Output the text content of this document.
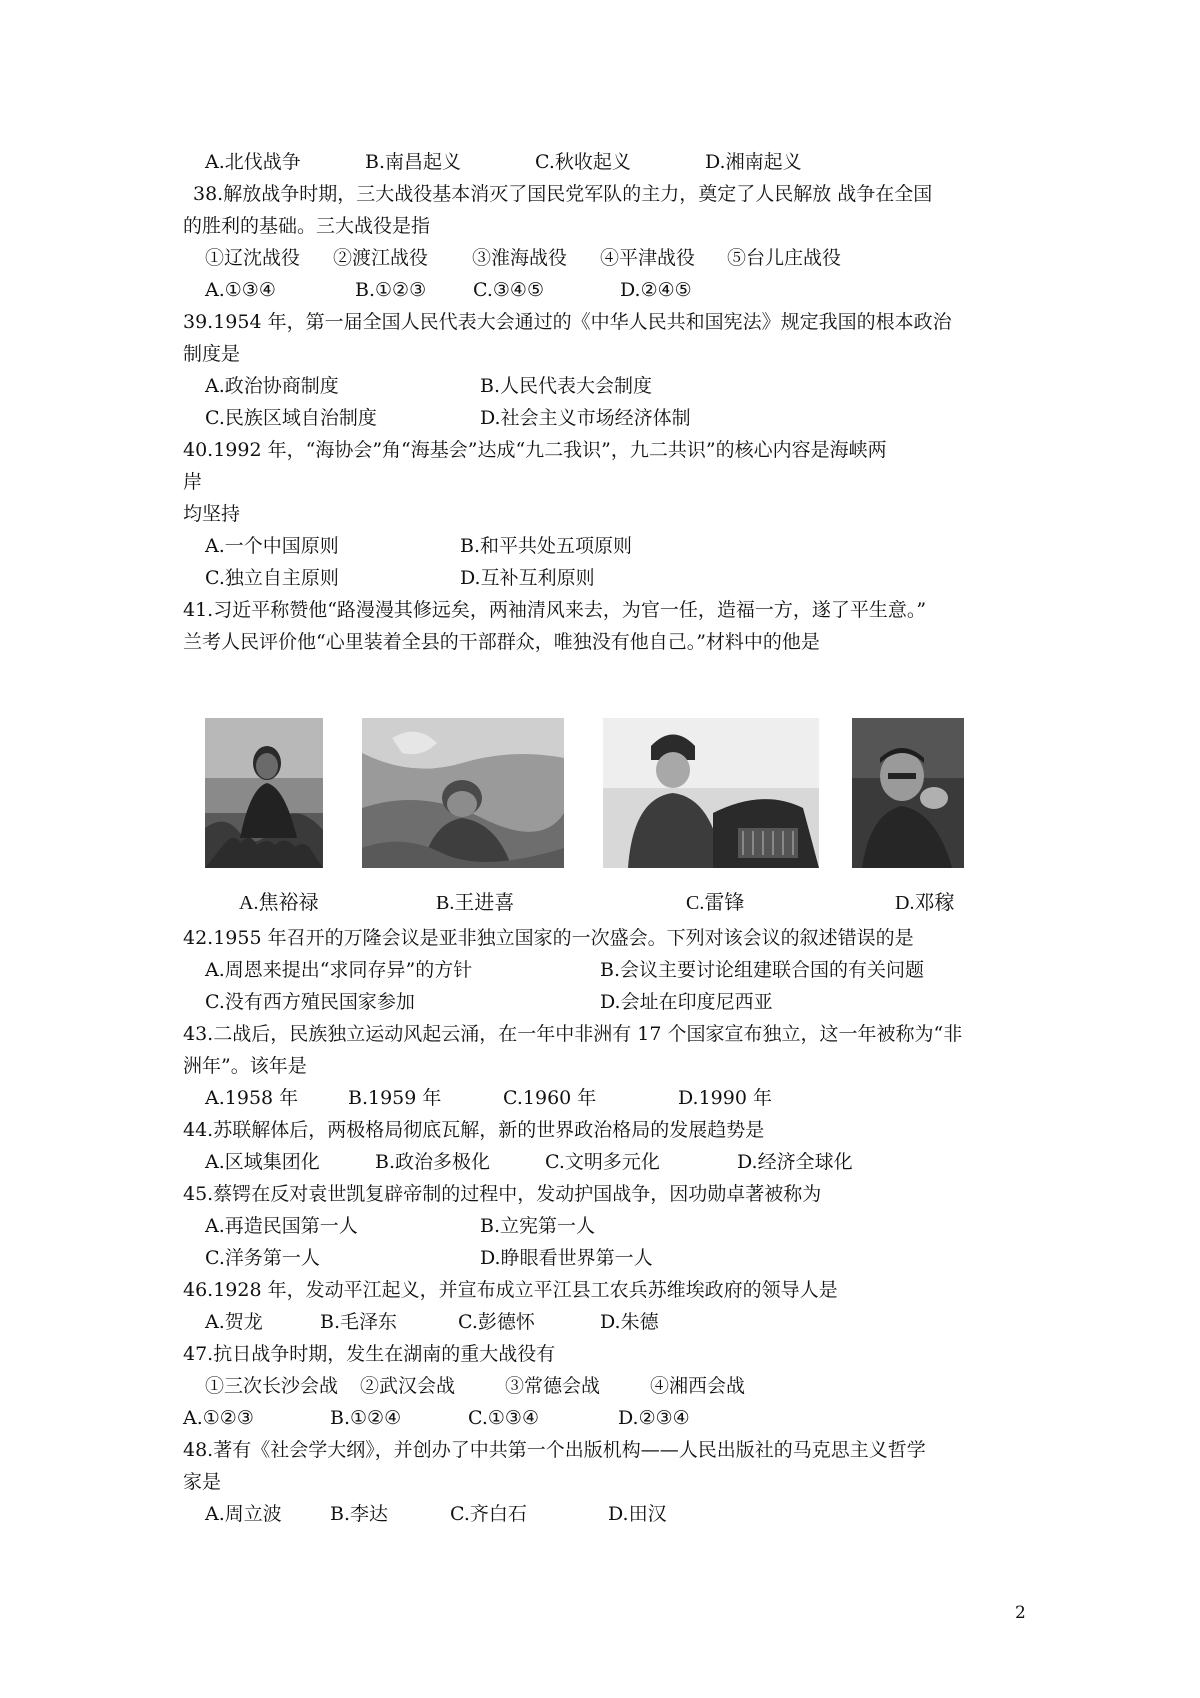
A.北伐战争	B.南昌起义	C.秋收起义	D.湘南起义
38.解放战争时期，三大战役基本消灭了国民党军队的主力，奠定了人民解放 战争在全国
的胜利的基础。三大战役是指
①辽沈战役 ②渡江战役 ③淮海战役 ④平津战役 ⑤台儿庄战役
A.①③④	B.①②③ C.③④⑤	D.②④⑤
39.1954 年，第一届全国人民代表大会通过的《中华人民共和国宪法》规定我国的根本政治
制度是
A.政治协商制度	B.人民代表大会制度
C.民族区域自治制度	D.社会主义市场经济体制
40.1992 年，“海协会”角“海基会”达成“九二我识”，九二共识”的核心内容是海峡两
岸
均坚持
A.一个中国原则	B.和平共处五项原则
C.独立自主原则	D.互补互利原则
41.习近平称赞他“路漫漫其修远矣，两袖清风来去，为官一任，造福一方，遂了平生意。”
兰考人民评价他“心里装着全县的干部群众，唯独没有他自己。”材料中的他是
A.焦裕禄	B.王进喜	C.雷锋	D.邓稼
42.1955 年召开的万隆会议是亚非独立国家的一次盛会。下列对该会议的叙述错误的是
A.周恩来提出“求同存异”的方针	B.会议主要讨论组建联合国的有关问题
C.没有西方殖民国家参加	D.会址在印度尼西亚
43.二战后，民族独立运动风起云涌，在一年中非洲有 17 个国家宣布独立，这一年被称为“非
洲年”。该年是
A.1958 年	B.1959 年	C.1960 年	D.1990 年
44.苏联解体后，两极格局彻底瓦解，新的世界政治格局的发展趋势是
A.区域集团化	B.政治多极化	C.文明多元化	D.经济全球化
45.蔡锷在反对袁世凯复辟帝制的过程中，发动护国战争，因功勋卓著被称为
A.再造民国第一人	B.立宪第一人
C.洋务第一人	D.睁眼看世界第一人
46.1928 年，发动平江起义，并宣布成立平江县工农兵苏维埃政府的领导人是
A.贺龙	B.毛泽东	C.彭德怀	D.朱德
47.抗日战争时期，发生在湖南的重大战役有
①三次长沙会战 ②武汉会战	③常德会战	④湘西会战
A.①②③	B.①②④	C.①③④	D.②③④
48.著有《社会学大纲》，并创办了中共第一个出版机构——人民出版社的马克思主义哲学
家是
A.周立波	B.李达	C.齐白石	D.田汉
2
